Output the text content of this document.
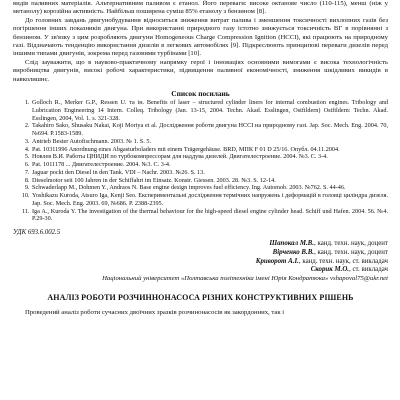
видів паливних матеріалів. Альтернативним паливом є етанол. Його переваги: високе октанове число (110-115), менш (ніж у метанолу) корозійна активність. Найбільш поширена суміш 85% етанолу з бензином [8].

До головних завдань двигунобудування відноситься зниження витрат палива і зменшення токсичності вихлопних газів без погіршення інших показників двигуна. При використанні природного газу істотно знижується токсичність ВГ в порівнянні з бензином. У зв'язку з цим розробляють двигуни Homogeneous Charge Compression Ignition (HCCI), які працюють на природному газі. Відзначають тенденцію використання дизелів в легкових автомобілях [9]. Підкреслюють принципові переваги дизелів перед іншими типами двигунів, зокрема перед газовими турбінами [10].

Слід зауважити, що в науково-практичному напрямку герої і інноваціях основними вимогами є висока технологічність виробництва двигунів, високі робочі характеристики, підвищення паливної економічності, зниження шкідливих викидів в навколишнє.

Список посилань
1. Golloch R., Merker G.P., Ressen U. та ін. Benefits of laser – structured cylinder liners for internal combustion engines. Tribology and Lubrication Engineering 14 Intern. Colleq. Tribology (Jan. 13-15, 2004. Techn. Akad. Esslingen, Ostfildern) Ostfildern: Techn. Akad. Esslingen, 2004, Vol. 1. s. 321-328.
2. Takahiro Sako, Shusaku Nakai, Koji Moriya et al. Дослідження роботи двигуна HCCI на природному газі. Jap. Soc. Mech. Eng. 2004. 70, №694. P.1583-1589.
3. Antrieb Bester Autofischmann. 2003. № 1. S. 5.
4. Pat. 10311996 Anordnung eines Abgasturboladers mit einem Trägergehäuse. BRD, MПК F 01 D 25/16. Опубл. 04.11.2004.
5. Новлев В.И. Работы ЦНИДИ по турбокомпрессорам для наддува дизелей. Двигателестроение. 2004. №3. С. 3-4.
6. Pat. 1011178 ... Двигателестроение. 2004. №3. С. 3-4.
7. Jaguar pockt den Diesel in den Tank. VDI – Nachr. 2003. №26. S. 13.
8. Dieselmotor seit 100 Jahren in der Schiffahrt im Einsatz. Konstr. Giessen. 2003. 28. №3. S. 12-14.
9. Schwaderlapp M., Dohmen Y., Andraos N. Base engine design improves fuel efficiency. Ing. Automob. 2003. №762. S. 44-46.
10. Yoshikazu Kuroda, Atsuro Iga, Kenji Seo. Експериментальні дослідження термічних напружень і деформацій в головці циліндра дизеля. Jap. Soc. Mech. Eng. 2003. 69, №686. P. 2388-2395.
11. Iga A., Kuroda Y. The investigation of the thermal behaviour for the high-speed diesel engine cylinder head. Schiff und Hafen. 2004. 56. №4. P.29-30.
УДК 693.6.002.5
Шапокал М.В., канд. техн. наук, доцент
Вірченко В.В., канд. техн. наук, доцент
Криворот А.І., канд. техн. наук, ст. викладач
Скорик М.О., ст. викладач
Національний університет «Полтавська політехніка імені Юрія Кондратюка» vshapoval75@ukr.net
АНАЛІЗ РОБОТИ РОЗЧИННОНАСОСА РІЗНИХ КОНСТРУКТИВНИХ РІШЕНЬ

Проведений аналіз роботи сучасних двоїчних зразків розчинонасосів як закордонних, так і
